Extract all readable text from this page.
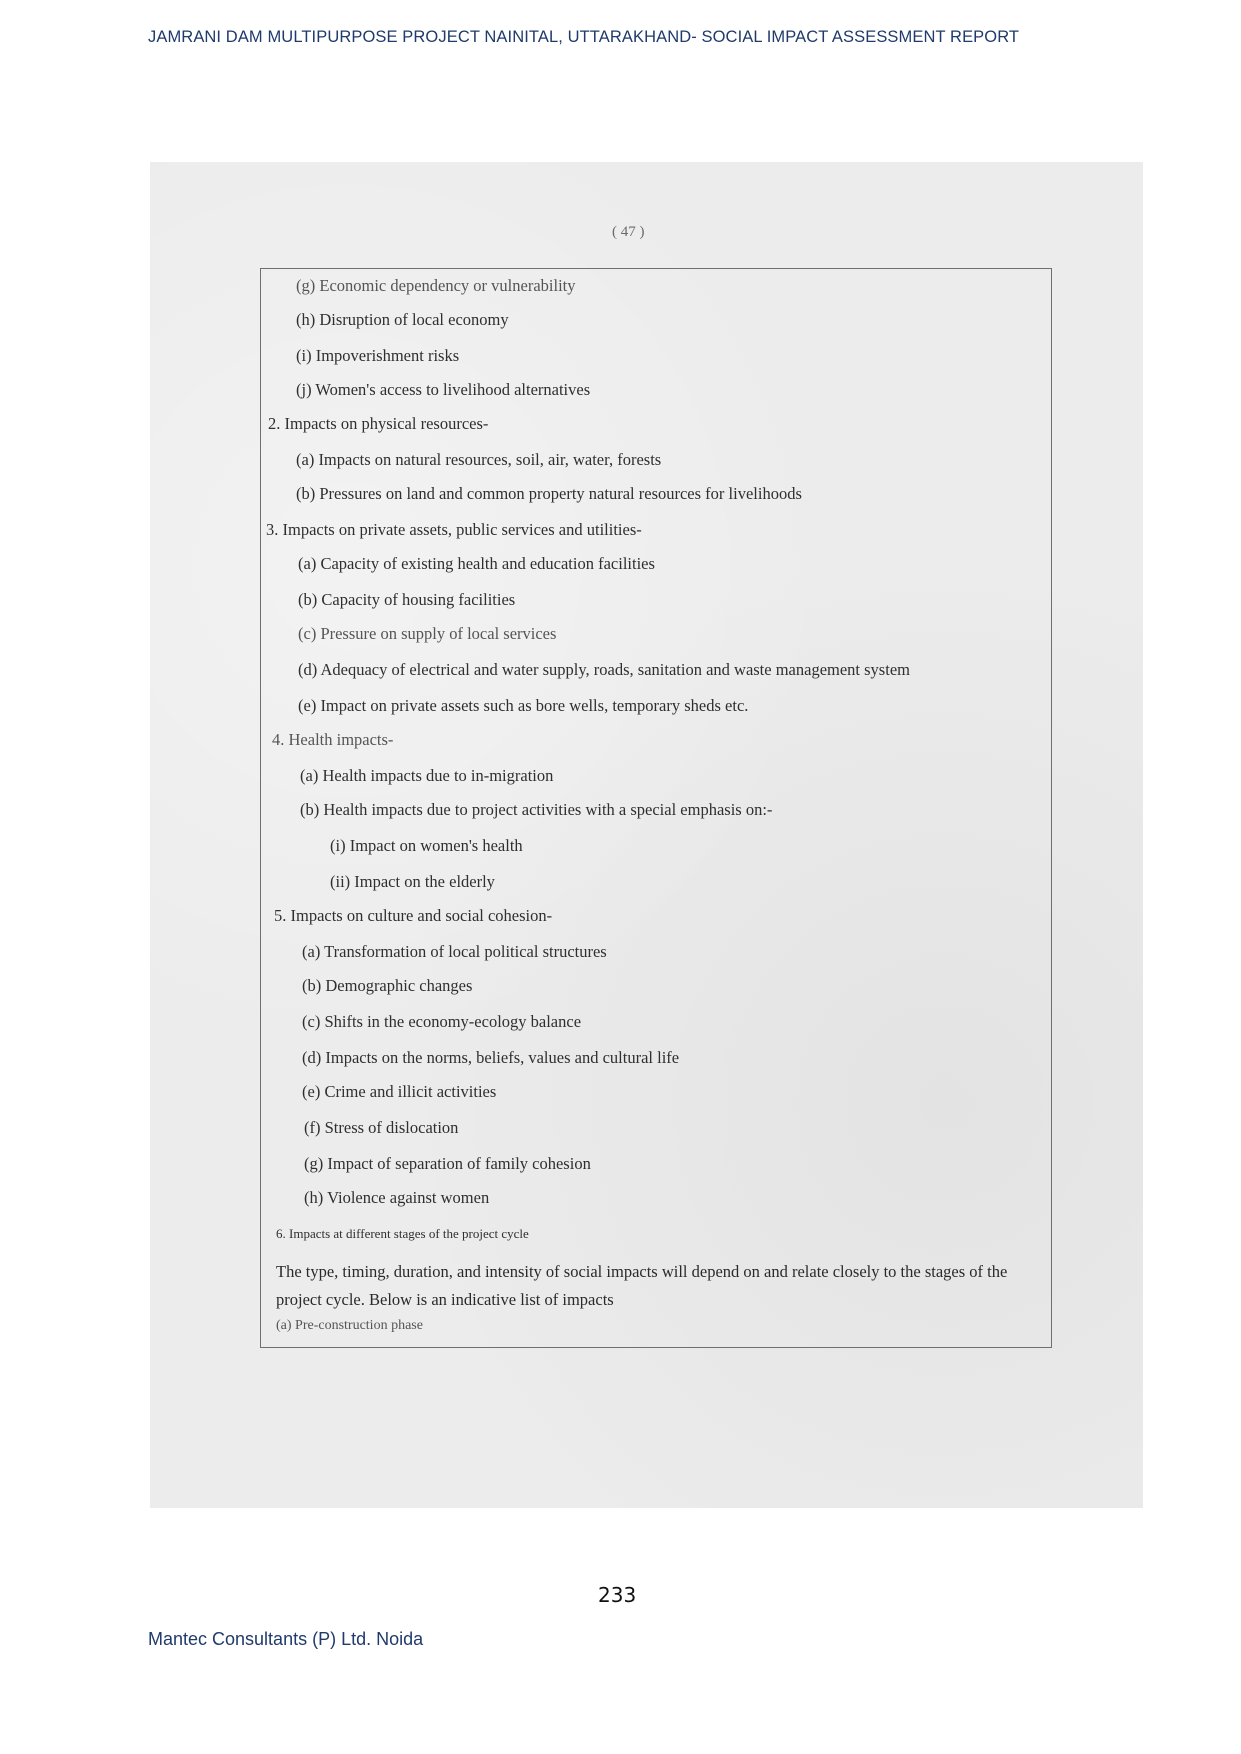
JAMRANI DAM MULTIPURPOSE PROJECT NAINITAL, UTTARAKHAND- SOCIAL IMPACT ASSESSMENT REPORT
( 47 )
(g) Economic dependency or vulnerability
(h) Disruption of local economy
(i) Impoverishment risks
(j) Women's access to livelihood alternatives
2. Impacts on physical resources-
(a) Impacts on natural resources, soil, air, water, forests
(b) Pressures on land and common property natural resources for livelihoods
3. Impacts on private assets, public services and utilities-
(a) Capacity of existing health and education facilities
(b) Capacity of housing facilities
(c) Pressure on supply of local services
(d) Adequacy of electrical and water supply, roads, sanitation and waste management system
(e) Impact on private assets such as bore wells, temporary sheds etc.
4. Health impacts-
(a) Health impacts due to in-migration
(b) Health impacts due to project activities with a special emphasis on:-
(i) Impact on women's health
(ii) Impact on the elderly
5. Impacts on culture and social cohesion-
(a) Transformation of local political structures
(b) Demographic changes
(c) Shifts in the economy-ecology balance
(d) Impacts on the norms, beliefs, values and cultural life
(e) Crime and illicit activities
(f) Stress of dislocation
(g) Impact of separation of family cohesion
(h) Violence against women
6. Impacts at different stages of the project cycle
The type, timing, duration, and intensity of social impacts will depend on and relate closely to the stages of the project cycle. Below is an indicative list of impacts
(a) Pre-construction phase
233
Mantec Consultants (P) Ltd. Noida
